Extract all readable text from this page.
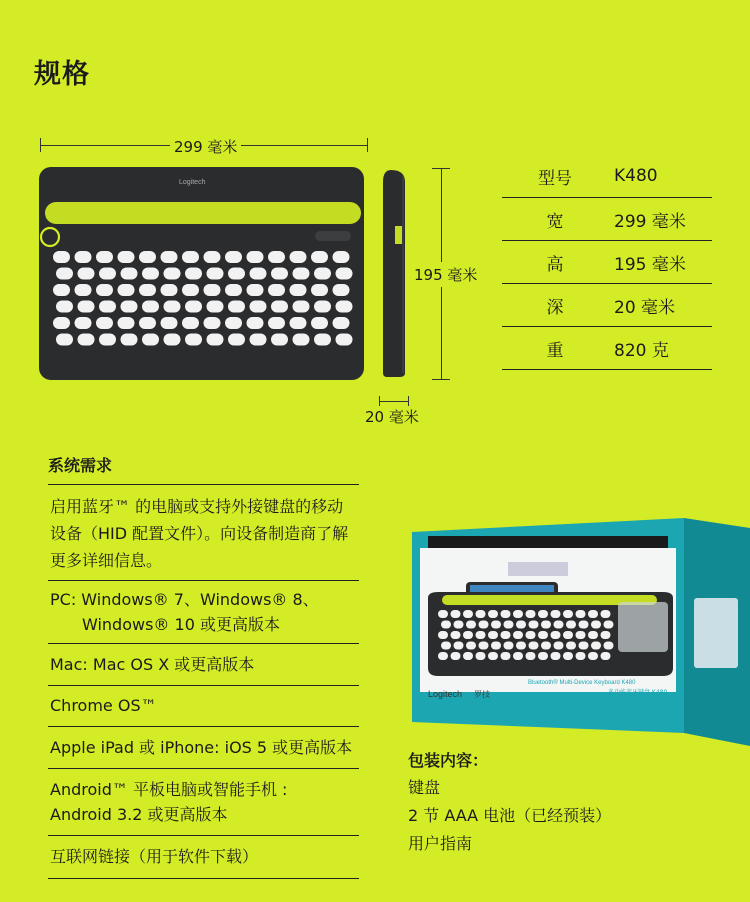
规格
299 毫米
Logitech
195 毫米
20 毫米
型号	K480
宽	299 毫米
高	195 毫米
深	20 毫米
重	820 克
系统需求
启用蓝牙™ 的电脑或支持外接键盘的移动设备（HID 配置文件）。向设备制造商了解更多详细信息。
PC: Windows® 7、Windows® 8、
Windows® 10 或更高版本
Mac: Mac OS X 或更高版本
Chrome OS™
Apple iPad 或 iPhone: iOS 5 或更高版本
Android™ 平板电脑或智能手机 :
Android 3.2 或更高版本
互联网链接（用于软件下载）
Logitech 罗技
Bluetooth® Multi-Device Keyboard K480
多功能蓝牙键盘 K480
包装内容：
键盘
2 节 AAA 电池（已经预装）
用户指南
